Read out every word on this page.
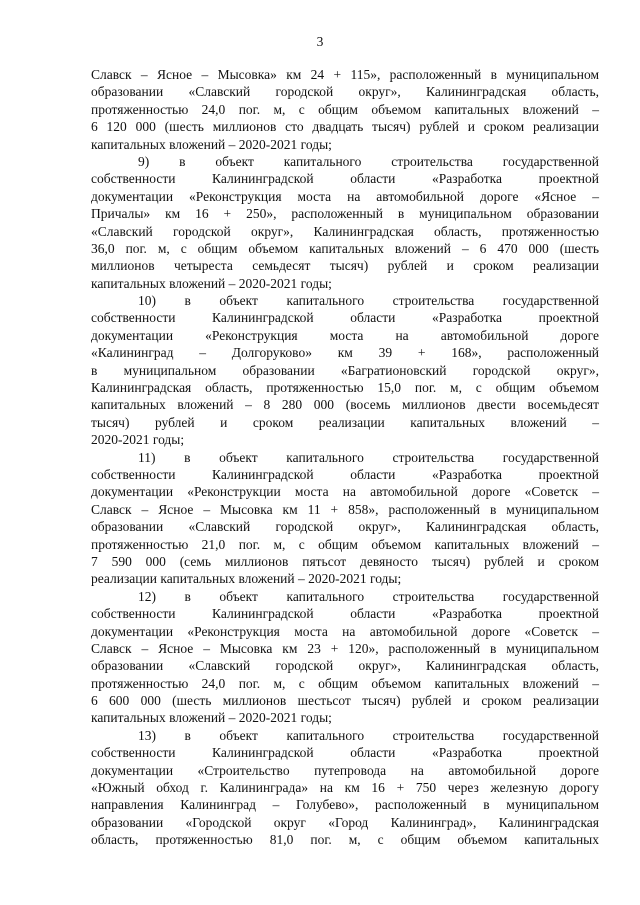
3
Славск – Ясное – Мысовка» км 24 + 115», расположенный в муниципальном
образовании «Славский городской округ», Калининградская область,
протяженностью 24,0 пог. м, с общим объемом капитальных вложений –
6 120 000 (шесть миллионов сто двадцать тысяч) рублей и сроком реализации
капитальных вложений – 2020-2021 годы;
9) в объект капитального строительства государственной
собственности Калининградской области «Разработка проектной
документации «Реконструкция моста на автомобильной дороге «Ясное –
Причалы» км 16 + 250», расположенный в муниципальном образовании
«Славский городской округ», Калининградская область, протяженностью
36,0 пог. м, с общим объемом капитальных вложений – 6 470 000 (шесть
миллионов четыреста семьдесят тысяч) рублей и сроком реализации
капитальных вложений – 2020-2021 годы;
10) в объект капитального строительства государственной
собственности Калининградской области «Разработка проектной
документации «Реконструкция моста на автомобильной дороге
«Калининград – Долгоруково» км 39 + 168», расположенный
в муниципальном образовании «Багратионовский городской округ»,
Калининградская область, протяженностью 15,0 пог. м, с общим объемом
капитальных вложений – 8 280 000 (восемь миллионов двести восемьдесят
тысяч) рублей и сроком реализации капитальных вложений –
2020-2021 годы;
11) в объект капитального строительства государственной
собственности Калининградской области «Разработка проектной
документации «Реконструкции моста на автомобильной дороге «Советск –
Славск – Ясное – Мысовка км 11 + 858», расположенный в муниципальном
образовании «Славский городской округ», Калининградская область,
протяженностью 21,0 пог. м, с общим объемом капитальных вложений –
7 590 000 (семь миллионов пятьсот девяносто тысяч) рублей и сроком
реализации капитальных вложений – 2020-2021 годы;
12) в объект капитального строительства государственной
собственности Калининградской области «Разработка проектной
документации «Реконструкция моста на автомобильной дороге «Советск –
Славск – Ясное – Мысовка км 23 + 120», расположенный в муниципальном
образовании «Славский городской округ», Калининградская область,
протяженностью 24,0 пог. м, с общим объемом капитальных вложений –
6 600 000 (шесть миллионов шестьсот тысяч) рублей и сроком реализации
капитальных вложений – 2020-2021 годы;
13) в объект капитального строительства государственной
собственности Калининградской области «Разработка проектной
документации «Строительство путепровода на автомобильной дороге
«Южный обход г. Калининграда» на км 16 + 750 через железную дорогу
направления Калининград – Голубево», расположенный в муниципальном
образовании «Городской округ «Город Калининград», Калининградская
область, протяженностью 81,0 пог. м, с общим объемом капитальных
